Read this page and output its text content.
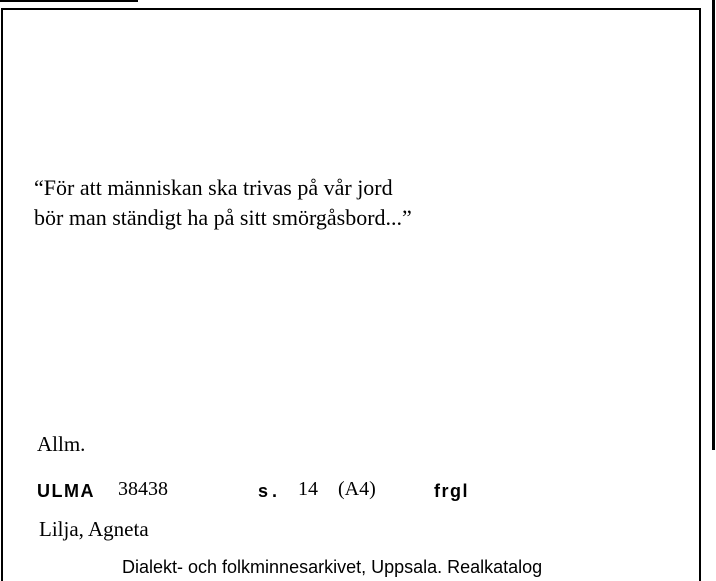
“För att människan ska trivas på vår jord
bör man ständigt ha på sitt smörgåsbord...”
Allm.
ULMA 38438	s. 14 (A4)	frgl
Lilja, Agneta
Dialekt- och folkminnesarkivet, Uppsala. Realkatalog
